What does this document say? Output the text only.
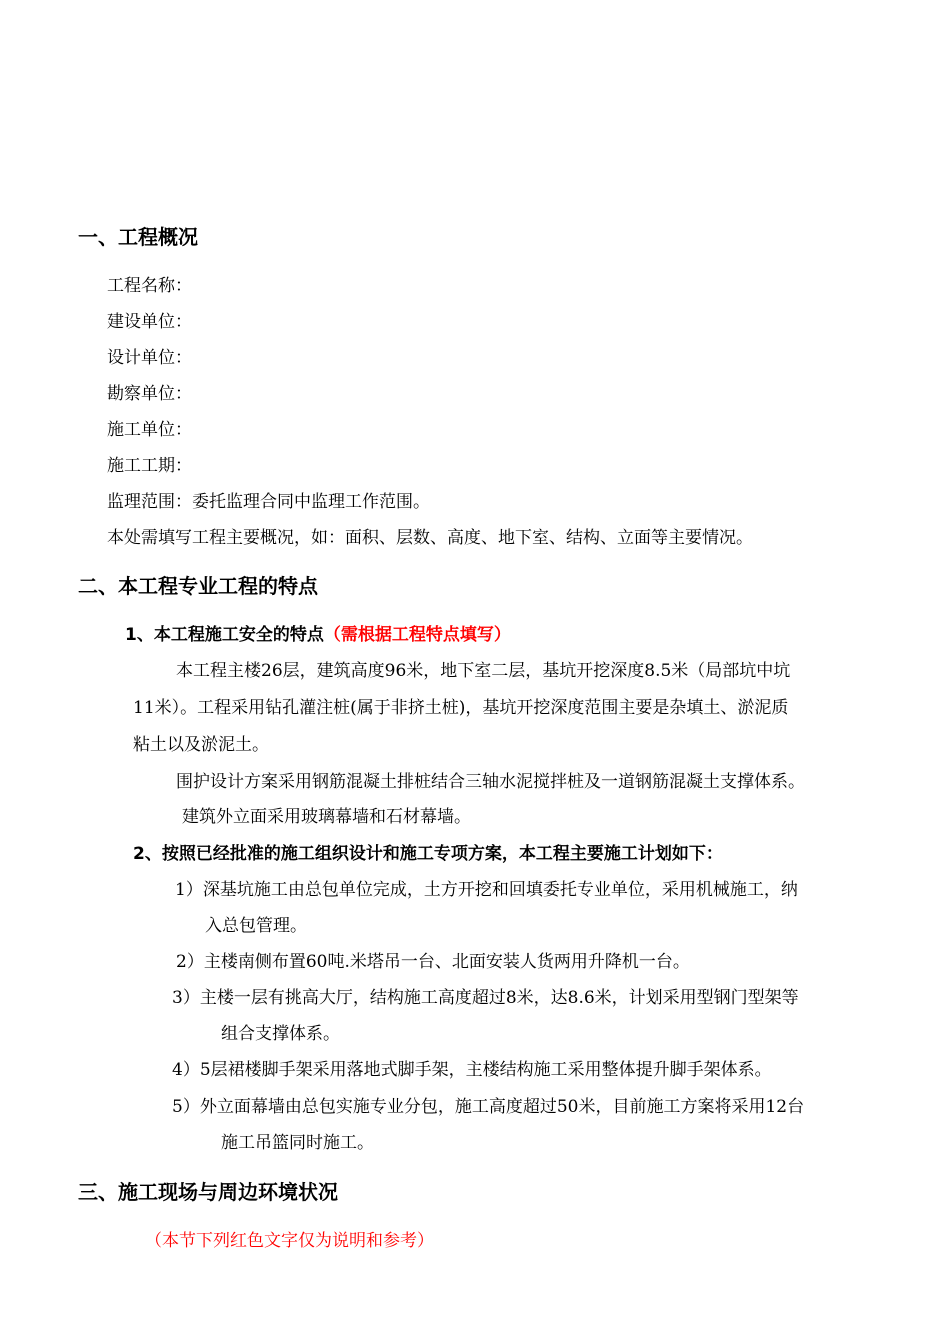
一、工程概况
工程名称：
建设单位：
设计单位：
勘察单位：
施工单位：
施工工期：
监理范围：委托监理合同中监理工作范围。
本处需填写工程主要概况，如：面积、层数、高度、地下室、结构、立面等主要情况。
二、本工程专业工程的特点
1、本工程施工安全的特点（需根据工程特点填写）
本工程主楼26层，建筑高度96米，地下室二层，基坑开挖深度8.5米（局部坑中坑
11米）。工程采用钻孔灌注桩(属于非挤土桩)，基坑开挖深度范围主要是杂填土、淤泥质
粘土以及淤泥土。
围护设计方案采用钢筋混凝土排桩结合三轴水泥搅拌桩及一道钢筋混凝土支撑体系。
建筑外立面采用玻璃幕墙和石材幕墙。
2、按照已经批准的施工组织设计和施工专项方案，本工程主要施工计划如下：
1）深基坑施工由总包单位完成，土方开挖和回填委托专业单位，采用机械施工，纳
入总包管理。
2）主楼南侧布置60吨.米塔吊一台、北面安装人货两用升降机一台。
3）主楼一层有挑高大厅，结构施工高度超过8米，达8.6米，计划采用型钢门型架等
组合支撑体系。
4）5层裙楼脚手架采用落地式脚手架，主楼结构施工采用整体提升脚手架体系。
5）外立面幕墙由总包实施专业分包，施工高度超过50米，目前施工方案将采用12台
施工吊篮同时施工。
三、施工现场与周边环境状况
（本节下列红色文字仅为说明和参考）
